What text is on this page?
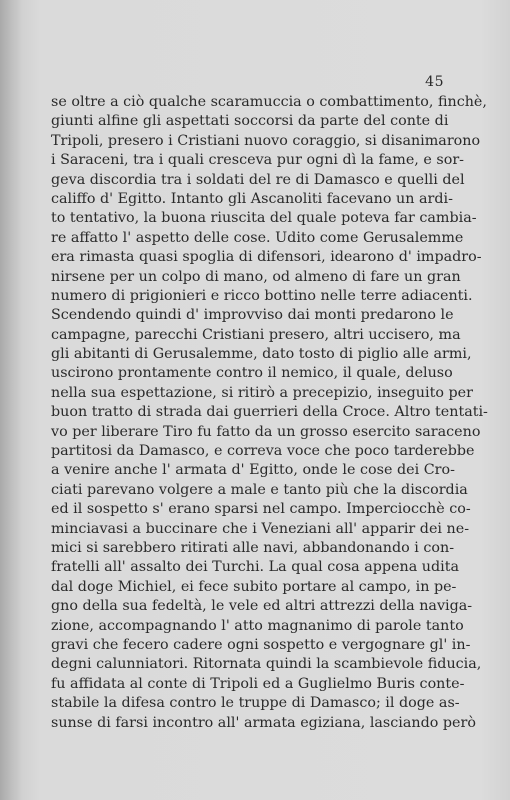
45
se oltre a ciò qualche scaramuccia o combattimento, finchè,
giunti alfine gli aspettati soccorsi da parte del conte di
Tripoli, presero i Cristiani nuovo coraggio, si disanimarono
i Saraceni, tra i quali cresceva pur ogni dì la fame, e sor-
geva discordia tra i soldati del re di Damasco e quelli del
califfo d' Egitto. Intanto gli Ascanoliti facevano un ardi-
to tentativo, la buona riuscita del quale poteva far cambia-
re affatto l' aspetto delle cose. Udito come Gerusalemme
era rimasta quasi spoglia di difensori, idearono d' impadro-
nirsene per un colpo di mano, od almeno di fare un gran
numero di prigionieri e ricco bottino nelle terre adiacenti.
Scendendo quindi d' improvviso dai monti predarono le
campagne, parecchi Cristiani presero, altri uccisero, ma
gli abitanti di Gerusalemme, dato tosto di piglio alle armi,
uscirono prontamente contro il nemico, il quale, deluso
nella sua espettazione, si ritirò a precepizio, inseguito per
buon tratto di strada dai guerrieri della Croce. Altro tentati-
vo per liberare Tiro fu fatto da un grosso esercito saraceno
partitosi da Damasco, e correva voce che poco tarderebbe
a venire anche l' armata d' Egitto, onde le cose dei Cro-
ciati parevano volgere a male e tanto più che la discordia
ed il sospetto s' erano sparsi nel campo. Imperciocchè co-
minciavasi a buccinare che i Veneziani all' apparir dei ne-
mici si sarebbero ritirati alle navi, abbandonando i con-
fratelli all' assalto dei Turchi. La qual cosa appena udita
dal doge Michiel, ei fece subito portare al campo, in pe-
gno della sua fedeltà, le vele ed altri attrezzi della naviga-
zione, accompagnando l' atto magnanimo di parole tanto
gravi che fecero cadere ogni sospetto e vergognare gl' in-
degni calunniatori. Ritornata quindi la scambievole fiducia,
fu affidata al conte di Tripoli ed a Guglielmo Buris conte-
stabile la difesa contro le truppe di Damasco; il doge as-
sunse di farsi incontro all' armata egiziana, lasciando però
